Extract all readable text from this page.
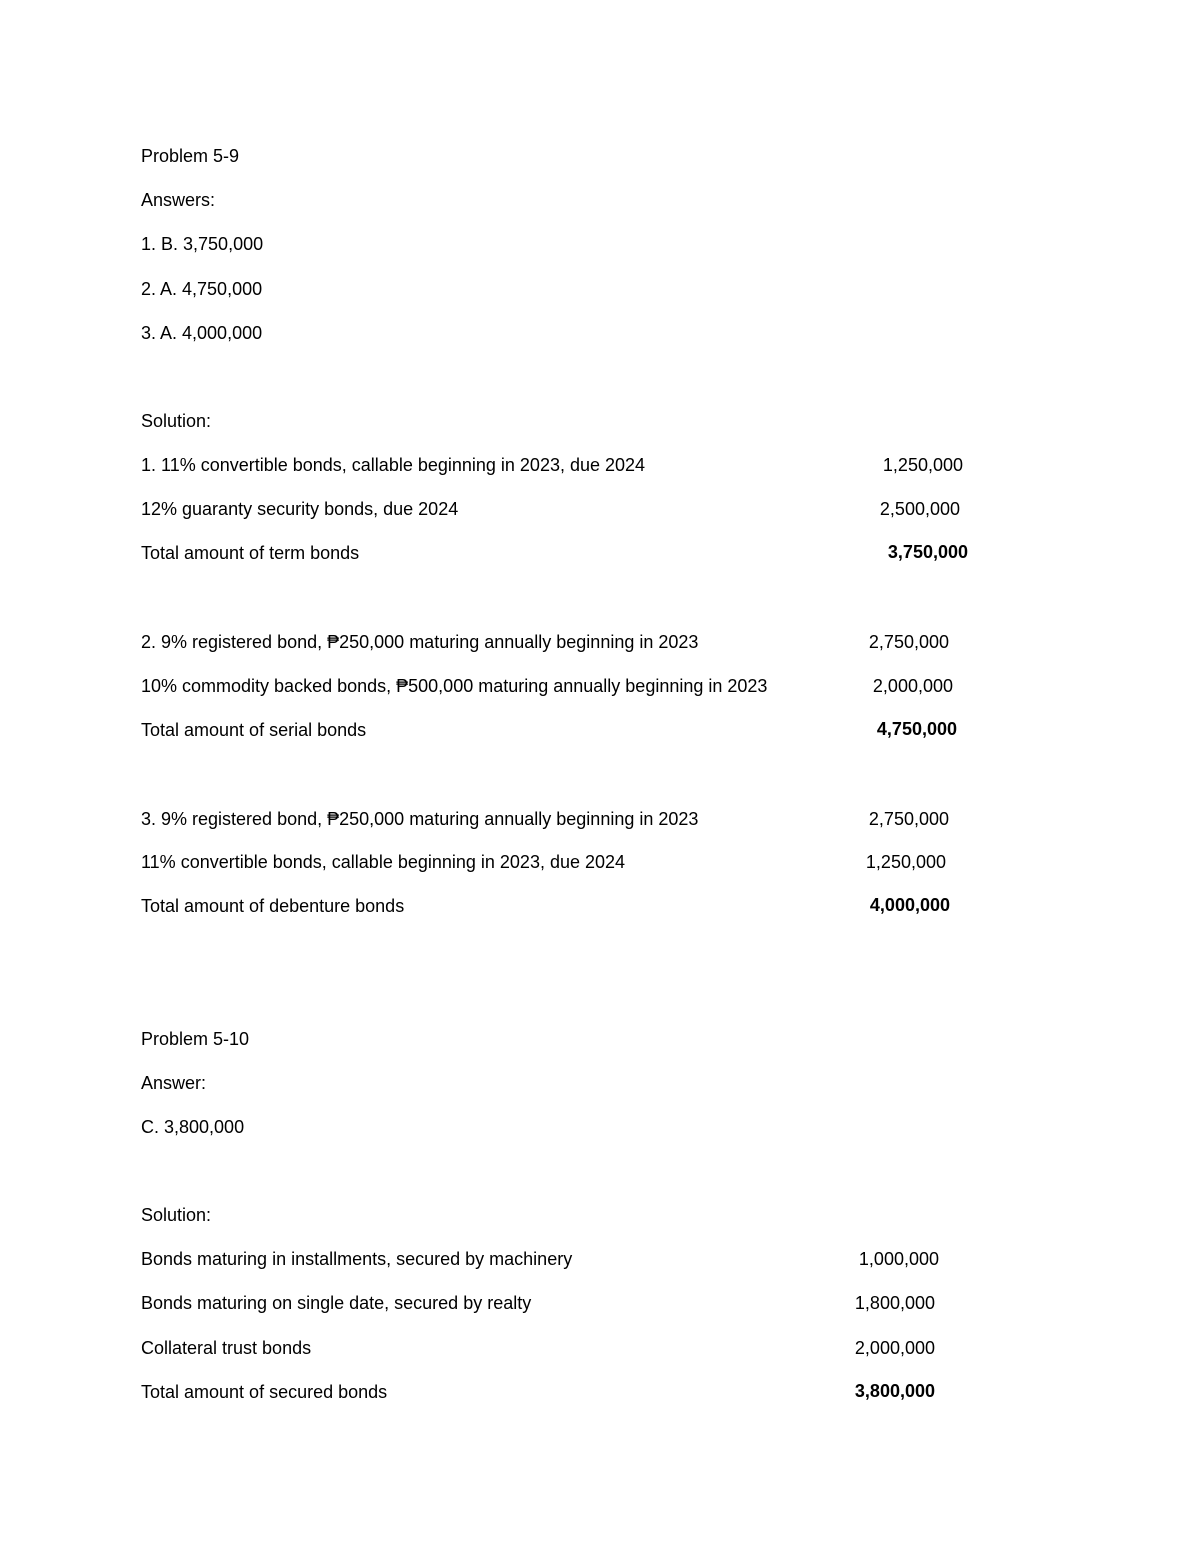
Problem 5-9
Answers:
1. B. 3,750,000
2. A. 4,750,000
3. A. 4,000,000
Solution:
1. 11% convertible bonds, callable beginning in 2023, due 2024	1,250,000
12% guaranty security bonds, due 2024	2,500,000
Total amount of term bonds	3,750,000
2. 9% registered bond, ₱250,000 maturing annually beginning in 2023	2,750,000
10% commodity backed bonds, ₱500,000 maturing annually beginning in 2023	2,000,000
Total amount of serial bonds	4,750,000
3. 9% registered bond, ₱250,000 maturing annually beginning in 2023	2,750,000
11% convertible bonds, callable beginning in 2023, due 2024	1,250,000
Total amount of debenture bonds	4,000,000
Problem 5-10
Answer:
C. 3,800,000
Solution:
Bonds maturing in installments, secured by machinery	1,000,000
Bonds maturing on single date, secured by realty	1,800,000
Collateral trust bonds	2,000,000
Total amount of secured bonds	3,800,000
